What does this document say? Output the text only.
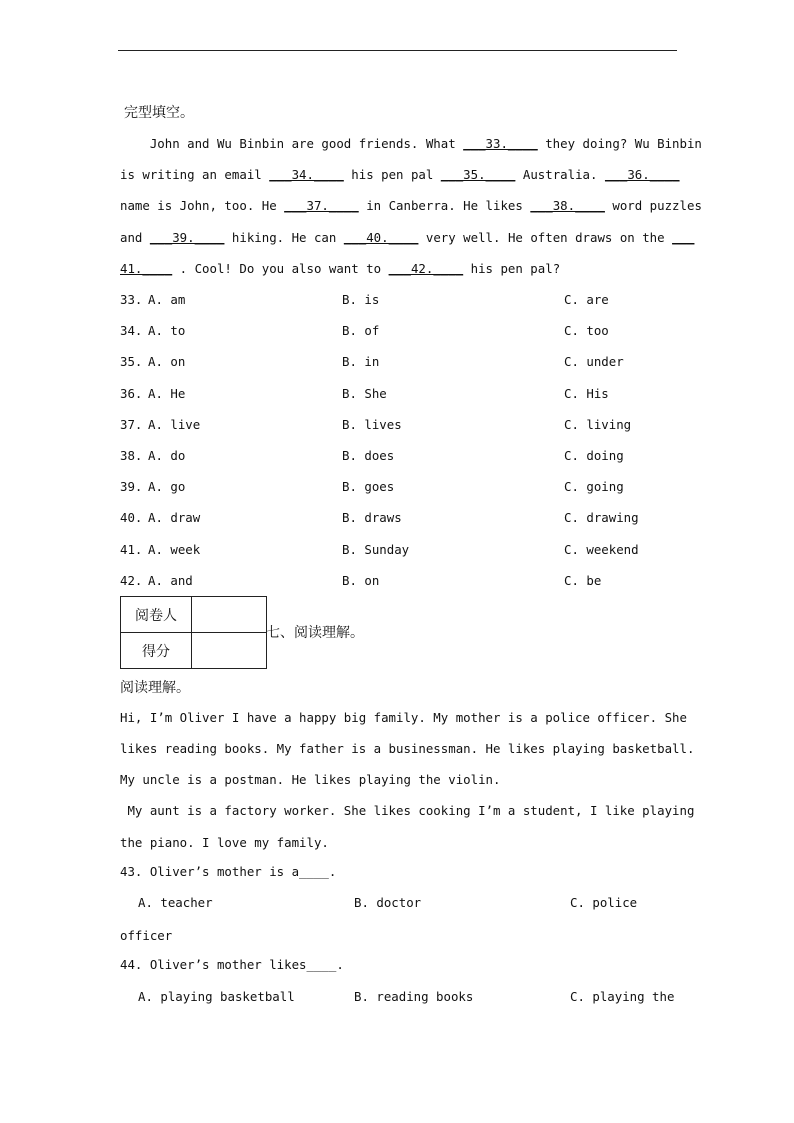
完型填空。
John and Wu Binbin are good friends. What ___33.____ they doing? Wu Binbin
is writing an email ___34.____ his pen pal ___35.____ Australia. ___36.____
name is John, too. He ___37.____ in Canberra. He likes ___38.____ word puzzles
and ___39.____ hiking. He can ___40.____ very well. He often draws on the ___
41.____ . Cool! Do you also want to ___42.____ his pen pal?
33. A. am	B. is	C. are
34. A. to	B. of	C. too
35. A. on	B. in	C. under
36. A. He	B. She	C. His
37. A. live	B. lives	C. living
38. A. do	B. does	C. doing
39. A. go	B. goes	C. going
40. A. draw	B. draws	C. drawing
41. A. week	B. Sunday	C. weekend
42. A. and	B. on	C. be
阅卷人	
得分	
七、阅读理解。
阅读理解。
Hi, I’m Oliver I have a happy big family. My mother is a police officer. She
likes reading books. My father is a businessman. He likes playing basketball.
My uncle is a postman. He likes playing the violin.
My aunt is a factory worker. She likes cooking I’m a student, I like playing
the piano. I love my family.
43. Oliver’s mother is a____.
A. teacher	B. doctor	C. police
officer
44. Oliver’s mother likes____.
A. playing basketball	B. reading books	C. playing the
